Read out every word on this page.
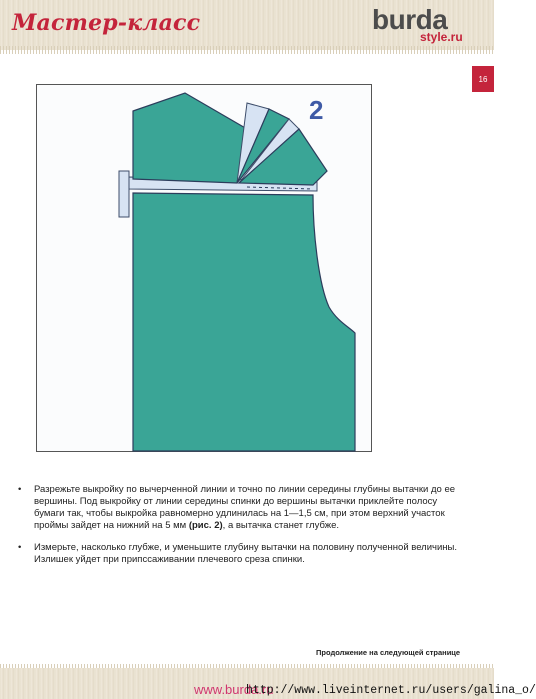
Мастер-класс	burda
style.ru
16
2
• Разрежьте выкройку по вычерченной линии и точно по линии середины глубины вытачки до ее вершины. Под выкройку от линии середины спинки до вершины вытачки приклейте полосу бумаги так, чтобы выкройка равномерно удлинилась на 1—1,5 см, при этом верхний участок проймы зайдет на нижний на 5 мм (рис. 2), а вытачка станет глубже.
• Измерьте, насколько глубже, и уменьшите глубину вытачки на половину полученной величины. Излишек уйдет при припсcаживании плечевого среза спинки.
Продолжение на следующей странице
www.burda.ru
http://www.liveinternet.ru/users/galina_o/
